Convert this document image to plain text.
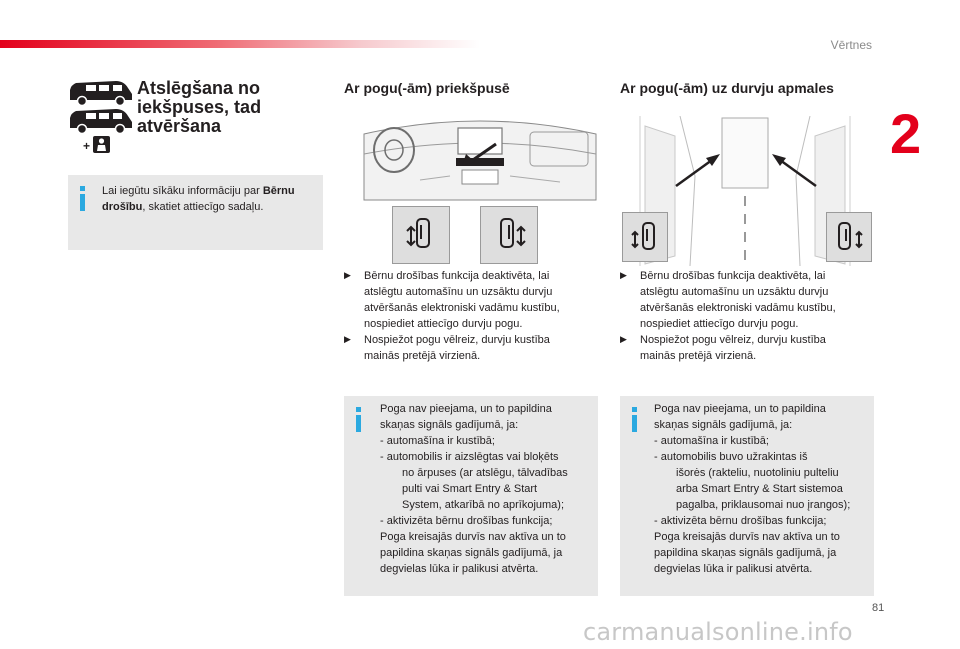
Vērtnes
2
+
Atslēgšana no
iekšpuses, tad
atvēršana
Lai iegūtu sīkāku informāciju par Bērnu
drošību, skatiet attiecīgo sadaļu.
Ar pogu(-ām) priekšpusē
▶ Bērnu drošības funkcija deaktivēta, lai
atslēgtu automašīnu un uzsāktu durvju
atvēršanās elektroniski vadāmu kustību,
nospiediet attiecīgo durvju pogu.
▶ Nospiežot pogu vēlreiz, durvju kustība
mainās pretējā virzienā.
Poga nav pieejama, un to papildina
skaņas signāls gadījumā, ja:
- automašīna ir kustībā;
- automobilis ir aizslēgtas vai bloķēts
no ārpuses (ar atslēgu, tālvadības
pulti vai Smart Entry & Start
System, atkarībā no aprīkojuma);
- aktivizēta bērnu drošības funkcija;
Poga kreisajās durvīs nav aktīva un to
papildina skaņas signāls gadījumā, ja
degvielas lūka ir palikusi atvērta.
Ar pogu(-ām) uz durvju apmales
▶ Bērnu drošības funkcija deaktivēta, lai
atslēgtu automašīnu un uzsāktu durvju
atvēršanās elektroniski vadāmu kustību,
nospiediet attiecīgo durvju pogu.
▶ Nospiežot pogu vēlreiz, durvju kustība
mainās pretējā virzienā.
Poga nav pieejama, un to papildina
skaņas signāls gadījumā, ja:
- automašīna ir kustībā;
- automobilis buvo užrakintas iš
išorės (rakteliu, nuotoliniu pulteliu
arba Smart Entry & Start sistemoa
pagalba, priklausomai nuo įrangos);
- aktivizēta bērnu drošības funkcija;
Poga kreisajās durvīs nav aktīva un to
papildina skaņas signāls gadījumā, ja
degvielas lūka ir palikusi atvērta.
81
carmanualsonline.info
